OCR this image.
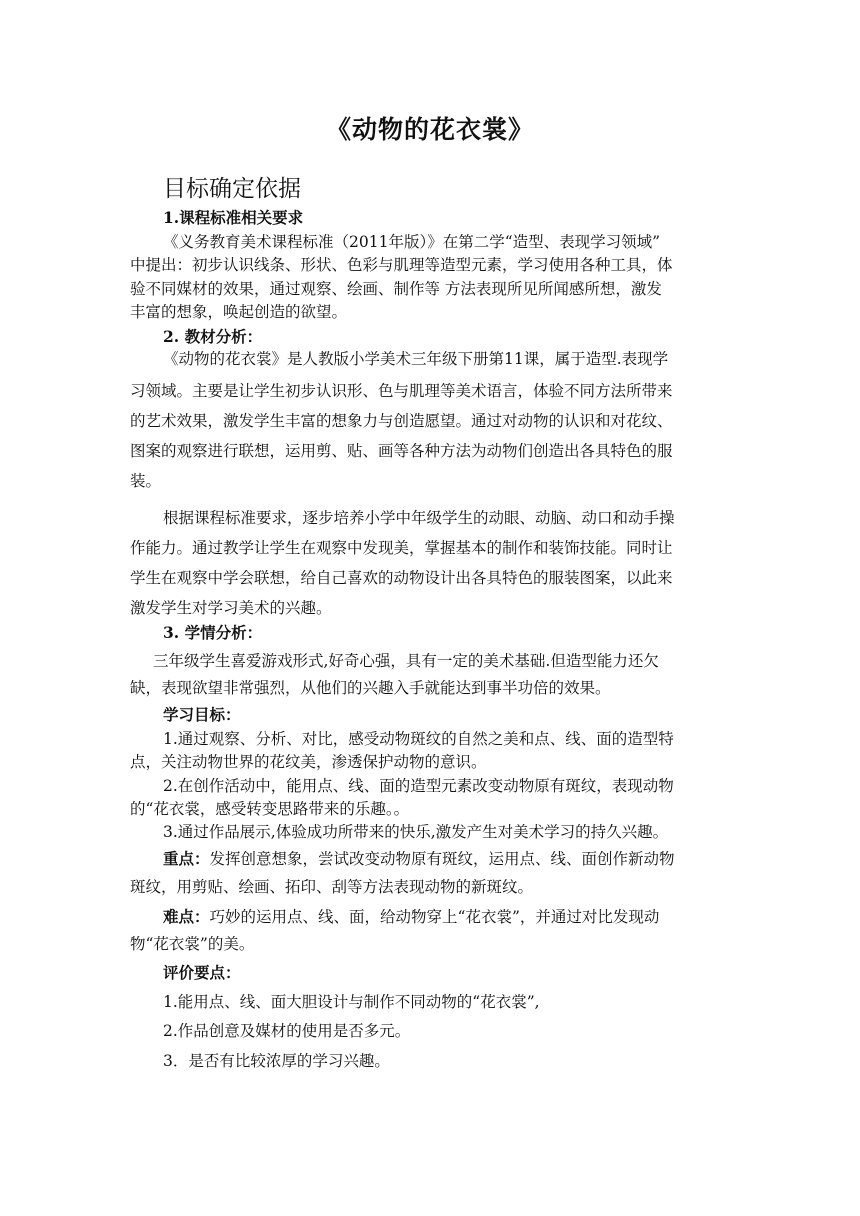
《动物的花衣裳》
目标确定依据
1.课程标准相关要求
《义务教育美术课程标准（2011年版）》在第二学“造型、表现学习领域”
中提出：初步认识线条、形状、色彩与肌理等造型元素，学习使用各种工具，体
验不同媒材的效果，通过观察、绘画、制作等 方法表现所见所闻感所想，激发
丰富的想象，唤起创造的欲望。
2. 教材分析：
《动物的花衣裳》是人教版小学美术三年级下册第11课，属于造型.表现学
习领域。主要是让学生初步认识形、色与肌理等美术语言，体验不同方法所带来
的艺术效果，激发学生丰富的想象力与创造愿望。通过对动物的认识和对花纹、
图案的观察进行联想，运用剪、贴、画等各种方法为动物们创造出各具特色的服
装。
根据课程标准要求，逐步培养小学中年级学生的动眼、动脑、动口和动手操
作能力。通过教学让学生在观察中发现美，掌握基本的制作和装饰技能。同时让
学生在观察中学会联想，给自己喜欢的动物设计出各具特色的服装图案，以此来
激发学生对学习美术的兴趣。
3. 学情分析：
三年级学生喜爱游戏形式,好奇心强，具有一定的美术基础.但造型能力还欠
缺，表现欲望非常强烈，从他们的兴趣入手就能达到事半功倍的效果。
学习目标：
1.通过观察、分析、对比，感受动物斑纹的自然之美和点、线、面的造型特
点，关注动物世界的花纹美，渗透保护动物的意识。
2.在创作活动中，能用点、线、面的造型元素改变动物原有斑纹，表现动物
的“花衣裳，感受转变思路带来的乐趣。。
3.通过作品展示,体验成功所带来的快乐,激发产生对美术学习的持久兴趣。
重点：发挥创意想象，尝试改变动物原有斑纹，运用点、线、面创作新动物
斑纹，用剪贴、绘画、拓印、刮等方法表现动物的新斑纹。
难点：巧妙的运用点、线、面，给动物穿上“花衣裳”，并通过对比发现动
物“花衣裳”的美。
评价要点：
1.能用点、线、面大胆设计与制作不同动物的“花衣裳”,
2.作品创意及媒材的使用是否多元。
3．是否有比较浓厚的学习兴趣。
